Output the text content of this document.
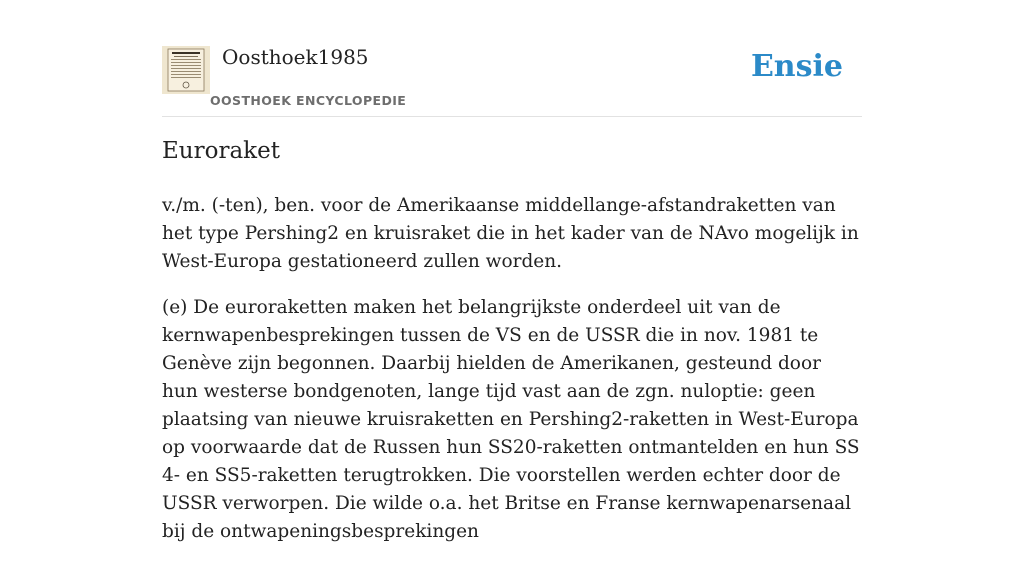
Oosthoek1985
OOSTHOEK ENCYCLOPEDIE
Ensie
Euroraket

v./m. (-ten), ben. voor de Amerikaanse middellange-afstandraketten van het type Pershing2 en kruisraket die in het kader van de NAvo mogelijk in West-Europa gestationeerd zullen worden.

(e) De euroraketten maken het belangrijkste onderdeel uit van de kernwapenbesprekingen tussen de VS en de USSR die in nov. 1981 te Genève zijn begonnen. Daarbij hielden de Amerikanen, gesteund door hun westerse bondgenoten, lange tijd vast aan de zgn. nuloptie: geen plaatsing van nieuwe kruisraketten en Pershing2-raketten in West-Europa op voorwaarde dat de Russen hun SS20-raketten ontmantelden en hun SS 4- en SS5-raketten terugtrokken. Die voorstellen werden echter door de USSR verworpen. Die wilde o.a. het Britse en Franse kernwapenarsenaal bij de ontwapeningsbesprekingen
